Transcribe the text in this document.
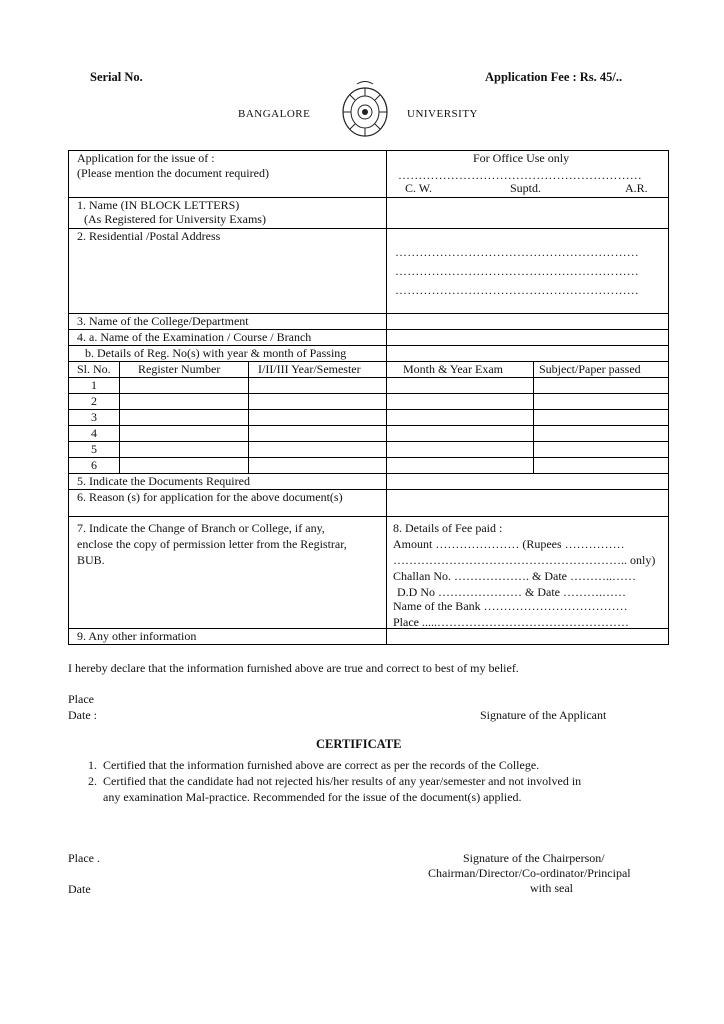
Serial No.	Application Fee : Rs. 45/..
BANGALORE	UNIVERSITY
Application for the issue of :
(Please mention the document required)
For Office Use only
……………………………………………………
C. W.	Suptd.	A.R.
1. Name (IN BLOCK LETTERS)
(As Registered for University Exams)
2. Residential /Postal Address
……………………………………………………
……………………………………………………
……………………………………………………
3. Name of the College/Department
4. a. Name of the Examination / Course / Branch
b. Details of Reg. No(s) with year & month of Passing
Sl. No. Register Number	I/II/III Year/Semester	Month & Year Exam	Subject/Paper passed
1
2
3
4
5
6
5. Indicate the Documents Required
6. Reason (s) for application for the above document(s)
7. Indicate the Change of Branch or College, if any,
enclose the copy of permission letter from the Registrar,
BUB.
8. Details of Fee paid :
Amount ………………… (Rupees ……………
………………………………………………….. only)
Challan No. ………………. & Date ………..……
D.D No ………………… & Date ……….……
Name of the Bank ………………………………
Place .....…………………………………………
9. Any other information
I hereby declare that the information furnished above are true and correct to best of my belief.
Place
Date :	Signature of the Applicant
CERTIFICATE
1.  Certified that the information furnished above are correct as per the records of the College.
2.  Certified that the candidate had not rejected his/her results of any year/semester and not involved in
any examination Mal-practice. Recommended for the issue of the document(s) applied.
Place .
Date
Signature of the Chairperson/
Chairman/Director/Co-ordinator/Principal
with seal
